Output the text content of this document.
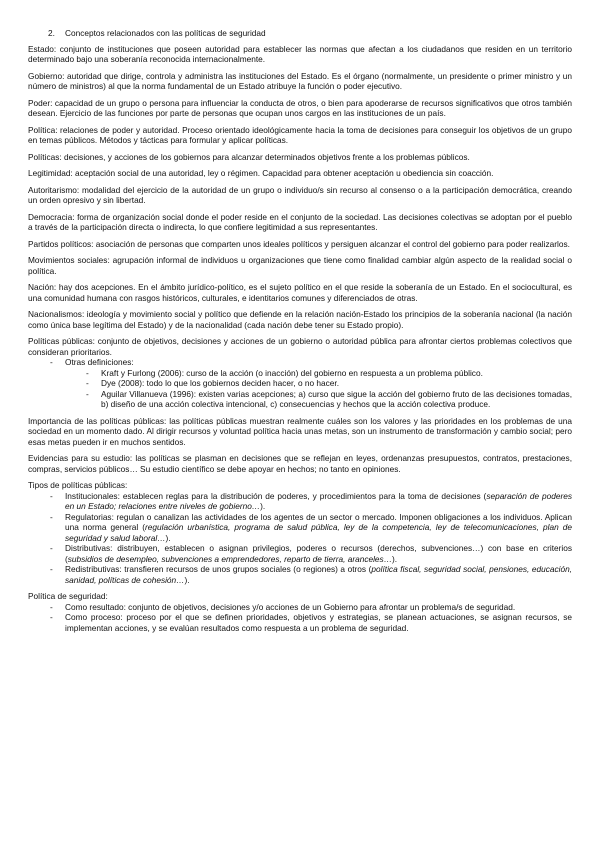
2. Conceptos relacionados con las políticas de seguridad

Estado: conjunto de instituciones que poseen autoridad para establecer las normas que afectan a los ciudadanos que residen en un territorio determinado bajo una soberanía reconocida internacionalmente.

Gobierno: autoridad que dirige, controla y administra las instituciones del Estado. Es el órgano (normalmente, un presidente o primer ministro y un número de ministros) al que la norma fundamental de un Estado atribuye la función o poder ejecutivo.

Poder: capacidad de un grupo o persona para influenciar la conducta de otros, o bien para apoderarse de recursos significativos que otros también desean. Ejercicio de las funciones por parte de personas que ocupan unos cargos en las instituciones de un país.

Política: relaciones de poder y autoridad. Proceso orientado ideológicamente hacia la toma de decisiones para conseguir los objetivos de un grupo en temas públicos. Métodos y tácticas para formular y aplicar políticas.

Políticas: decisiones, y acciones de los gobiernos para alcanzar determinados objetivos frente a los problemas públicos.

Legitimidad: aceptación social de una autoridad, ley o régimen. Capacidad para obtener aceptación u obediencia sin coacción.

Autoritarismo: modalidad del ejercicio de la autoridad de un grupo o individuo/s sin recurso al consenso o a la participación democrática, creando un orden opresivo y sin libertad.

Democracia: forma de organización social donde el poder reside en el conjunto de la sociedad. Las decisiones colectivas se adoptan por el pueblo a través de la participación directa o indirecta, lo que confiere legitimidad a sus representantes.

Partidos políticos: asociación de personas que comparten unos ideales políticos y persiguen alcanzar el control del gobierno para poder realizarlos.

Movimientos sociales: agrupación informal de individuos u organizaciones que tiene como finalidad cambiar algún aspecto de la realidad social o política.

Nación: hay dos acepciones. En el ámbito jurídico-político, es el sujeto político en el que reside la soberanía de un Estado. En el sociocultural, es una comunidad humana con rasgos históricos, culturales, e identitarios comunes y diferenciados de otras.

Nacionalismos: ideología y movimiento social y político que defiende en la relación nación-Estado los principios de la soberanía nacional (la nación como única base legítima del Estado) y de la nacionalidad (cada nación debe tener su Estado propio).

Políticas públicas: conjunto de objetivos, decisiones y acciones de un gobierno o autoridad pública para afrontar ciertos problemas colectivos que consideran prioritarios.

- Otras definiciones:
- Kraft y Furlong (2006): curso de la acción (o inacción) del gobierno en respuesta a un problema público.
- Dye (2008): todo lo que los gobiernos deciden hacer, o no hacer.
- Aguilar Villanueva (1996): existen varias acepciones; a) curso que sigue la acción del gobierno fruto de las decisiones tomadas, b) diseño de una acción colectiva intencional, c) consecuencias y hechos que la acción colectiva produce.

Importancia de las políticas públicas: las políticas públicas muestran realmente cuáles son los valores y las prioridades en los problemas de una sociedad en un momento dado. Al dirigir recursos y voluntad política hacia unas metas, son un instrumento de transformación y cambio social; pero esas metas pueden ir en muchos sentidos.

Evidencias para su estudio: las políticas se plasman en decisiones que se reflejan en leyes, ordenanzas presupuestos, contratos, prestaciones, compras, servicios públicos… Su estudio científico se debe apoyar en hechos; no tanto en opiniones.

Tipos de políticas públicas:
- Institucionales: establecen reglas para la distribución de poderes, y procedimientos para la toma de decisiones (separación de poderes en un Estado; relaciones entre niveles de gobierno…).
- Regulatorias: regulan o canalizan las actividades de los agentes de un sector o mercado. Imponen obligaciones a los individuos. Aplican una norma general (regulación urbanística, programa de salud pública, ley de la competencia, ley de telecomunicaciones, plan de seguridad y salud laboral…).
- Distributivas: distribuyen, establecen o asignan privilegios, poderes o recursos (derechos, subvenciones…) con base en criterios (subsidios de desempleo, subvenciones a emprendedores, reparto de tierra, aranceles…).
- Redistributivas: transfieren recursos de unos grupos sociales (o regiones) a otros (política fiscal, seguridad social, pensiones, educación, sanidad, políticas de cohesión…).
Política de seguridad:
- Como resultado: conjunto de objetivos, decisiones y/o acciones de un Gobierno para afrontar un problema/s de seguridad.
- Como proceso: proceso por el que se definen prioridades, objetivos y estrategias, se planean actuaciones, se asignan recursos, se implementan acciones, y se evalúan resultados como respuesta a un problema de seguridad.
